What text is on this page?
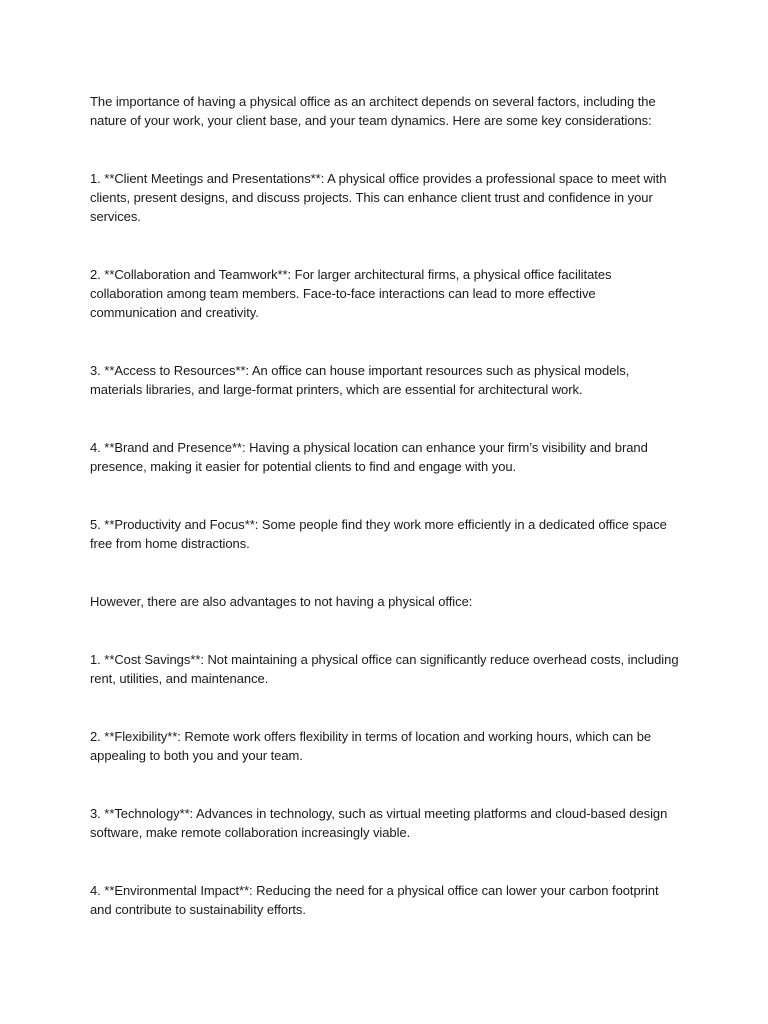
The importance of having a physical office as an architect depends on several factors, including the nature of your work, your client base, and your team dynamics. Here are some key considerations:

1. **Client Meetings and Presentations**: A physical office provides a professional space to meet with clients, present designs, and discuss projects. This can enhance client trust and confidence in your services.

2. **Collaboration and Teamwork**: For larger architectural firms, a physical office facilitates collaboration among team members. Face-to-face interactions can lead to more effective communication and creativity.

3. **Access to Resources**: An office can house important resources such as physical models, materials libraries, and large-format printers, which are essential for architectural work.

4. **Brand and Presence**: Having a physical location can enhance your firm’s visibility and brand presence, making it easier for potential clients to find and engage with you.

5. **Productivity and Focus**: Some people find they work more efficiently in a dedicated office space free from home distractions.

However, there are also advantages to not having a physical office:

1. **Cost Savings**: Not maintaining a physical office can significantly reduce overhead costs, including rent, utilities, and maintenance.

2. **Flexibility**: Remote work offers flexibility in terms of location and working hours, which can be appealing to both you and your team.

3. **Technology**: Advances in technology, such as virtual meeting platforms and cloud-based design software, make remote collaboration increasingly viable.

4. **Environmental Impact**: Reducing the need for a physical office can lower your carbon footprint and contribute to sustainability efforts.
